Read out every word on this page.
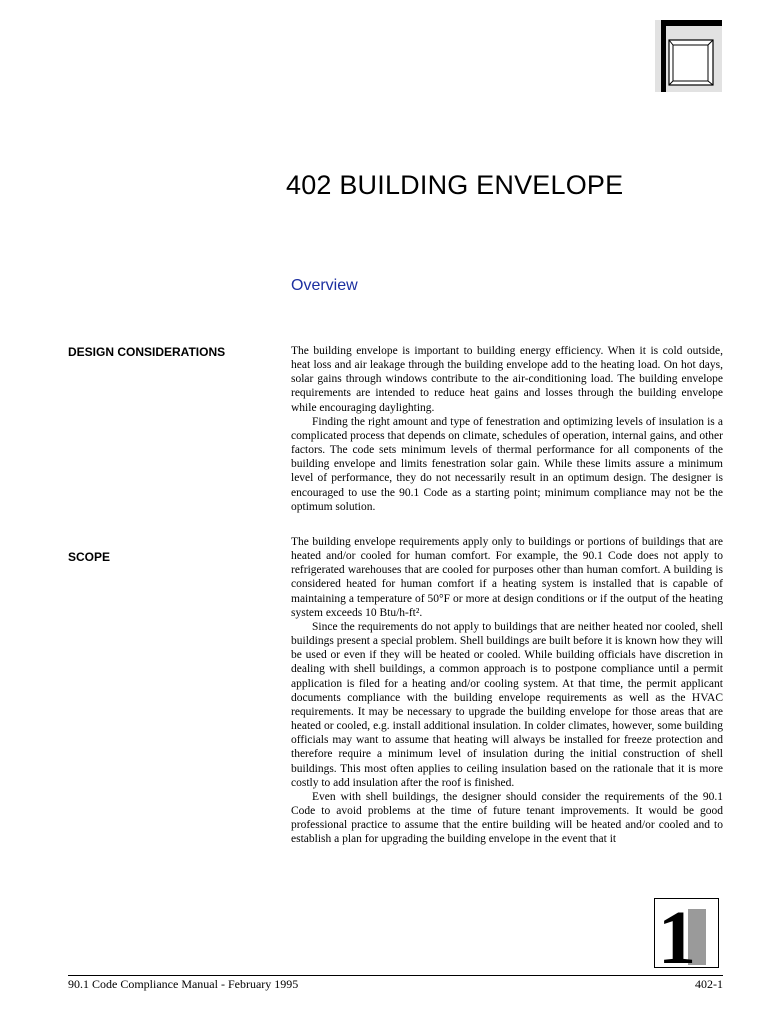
402 BUILDING ENVELOPE
Overview
DESIGN CONSIDERATIONS	The building envelope is important to building energy efficiency. When it is cold outside, heat loss and air leakage through the building envelope add to the heating load. On hot days, solar gains through windows contribute to the air-conditioning load. The building envelope requirements are intended to reduce heat gains and losses through the building envelope while encouraging daylighting.

Finding the right amount and type of fenestration and optimizing levels of insulation is a complicated process that depends on climate, schedules of operation, internal gains, and other factors. The code sets minimum levels of thermal performance for all components of the building envelope and limits fenestration solar gain. While these limits assure a minimum level of performance, they do not necessarily result in an optimum design. The designer is encouraged to use the 90.1 Code as a starting point; minimum compliance may not be the optimum solution.

SCOPE

The building envelope requirements apply only to buildings or portions of buildings that are heated and/or cooled for human comfort. For example, the 90.1 Code does not apply to refrigerated warehouses that are cooled for purposes other than human comfort. A building is considered heated for human comfort if a heating system is installed that is capable of maintaining a temperature of 50°F or more at design conditions or if the output of the heating system exceeds 10 Btu/h-ft².

Since the requirements do not apply to buildings that are neither heated nor cooled, shell buildings present a special problem. Shell buildings are built before it is known how they will be used or even if they will be heated or cooled. While building officials have discretion in dealing with shell buildings, a common approach is to postpone compliance until a permit application is filed for a heating and/or cooling system. At that time, the permit applicant documents compliance with the building envelope requirements as well as the HVAC requirements. It may be necessary to upgrade the building envelope for those areas that are heated or cooled, e.g. install additional insulation. In colder climates, however, some building officials may want to assume that heating will always be installed for freeze protection and therefore require a minimum level of insulation during the initial construction of shell buildings. This most often applies to ceiling insulation based on the rationale that it is more costly to add insulation after the roof is finished.

Even with shell buildings, the designer should consider the requirements of the 90.1 Code to avoid problems at the time of future tenant improvements. It would be good professional practice to assume that the entire building will be heated and/or cooled and to establish a plan for upgrading the building envelope in the event that it

1
90.1 Code Compliance Manual - February 1995	402-1
